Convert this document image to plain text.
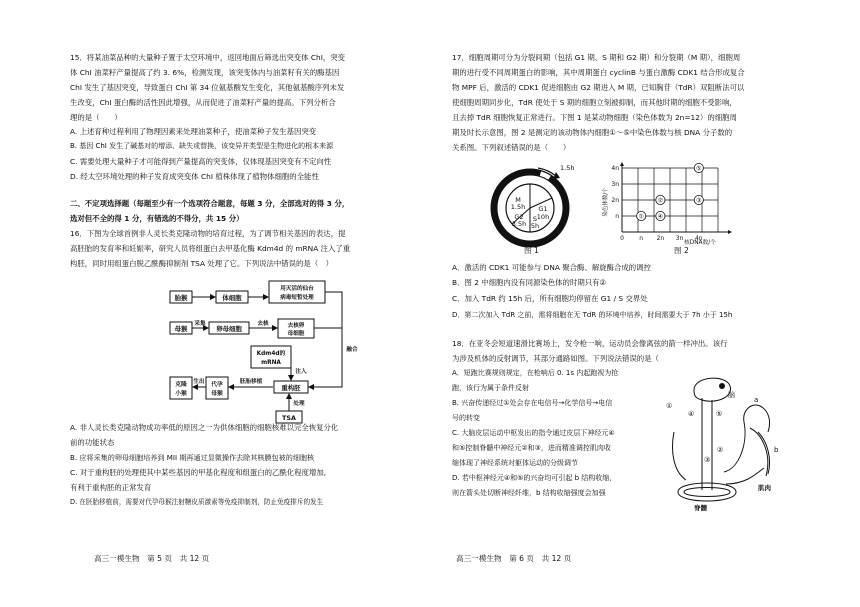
15．将某油菜品种的大量种子置于太空环境中，返回地面后筛选出突变体 ChI，突变

体 ChI 油菜籽产量提高了约 3. 6%，检测发现，该突变体内与油菜籽有关的酶基因

ChI 发生了基因突变，导致蛋白 ChI 第 34 位氨基酸发生变化，其他氨基酸序列未发

生改变，ChI 蛋白酶的活性因此增强，从而促进了油菜籽产量的提高。下列分析合

理的是（　　）

A. 上述育种过程利用了物理因素来处理油菜种子，使油菜种子发生基因突变

B. 基因 ChI 发生了碱基对的增添、缺失或替换，该变异并类型是生物进化的根本来源

C. 需要处理大量种子才可能得到产量提高的突变体，仅体现基因突变有不定向性

D. 经太空环境处理的种子发育成突变体 ChI 植株体现了植物体细胞的全能性

二、不定项选择题（每题至少有一个选项符合题意，每题 3 分，全部选对的得 3 分，

选对但不全的得 1 分，有错选的不得分，共 15 分）

16．下图为全球首例非人灵长类克隆动物的培育过程，为了调节相关基因的表达，提

高胚胎的发育率和妊娠率，研究人员将组蛋白去甲基化酶 Kdm4d 的 mRNA 注入了重

构胚，同时用组蛋白脱乙酰酶抑制剂 TSA 处理了它。下列说法中错误的是（　）

胎猴	体细胞
用灭活的仙台
病毒短暂处理
母猴
采集
卵母细胞
去核	去核卵
母细胞
Kdm4d的
mRNA
注入
融合
克隆
小猴
生出 代孕
母猴
胚胎移植
重构胚
处理
TSA

A. 非人灵长类克隆动物成功率低的原因之一为供体细胞的细胞核难以完全恢复分化

前的功能状态

B. 应将采集的卵母细胞培养到 MII 期再通过显微操作去除其核膜包被的细胞核

C. 对于重构胚的处理使其中某些基因的甲基化程度和组蛋白的乙酰化程度增加,

有利于重构胚的正常发育

D. 在胚胎移植前，需要对代孕母猴注射糖皮质激素等免疫抑制剂，防止免疫排斥的发生

高三一模生物　第 5 页　共 12 页

17．细胞周期可分为分裂间期（包括 G1 期、S 期和 G2 期）和分裂期（M 期），细胞周

期的进行受不同周期蛋白的影响，其中周期蛋白 cyclinB 与蛋白激酶 CDK1 结合形成复合

物 MPF 后，激活的 CDK1 促进细胞由 G2 期进入 M 期，已知胸苷（TdR）双阻断法可以

使细胞周期同步化，TdR 使处于 S 期的细胞立刻被抑制，而其他时期的细胞不受影响，

且去掉 TdR 细胞恢复正常进行。下图 1 是某动物细胞（染色体数为 2n=12）的细胞周

期及时长示意图，图 2 是测定的该动物体内细胞①～⑤中染色体数与核 DNA 分子数的

关系图。下列叙述错误的是（　　）

1.5h
M
1.5h
G2
3.5h
G1
10h
S
5h
图 1
4n
3n
2n
n
0	n 2n 3n 4n
①
②	③
④
⑤
染色体数/个
核DNA数/个
图 2

A．激活的 CDK1 可能参与 DNA 聚合酶、解旋酶合成的调控

B．图 2 中细胞内没有同源染色体的时期只有②

C．加入 TdR 约 15h 后，所有细胞均停留在 G1 / S 交界处

D．第二次加入 TdR 之前，需将细胞在无 TdR 的环境中培养，时间需要大于 7h 小于 15h

18．在亚冬会短道速滑比赛场上，发令枪一响，运动员会像离弦的箭一样冲出。该行

为涉及机体的反射调节，其部分通路如图。下列说法错误的是（

A．短跑比赛规则规定，在枪响后 0. 1s 内起跑视为抢

跑，该行为属于条件反射

B. 兴奋传递经过①处会存在电信号→化学信号→电信

号的转变

C. 大脑皮层运动中枢发出的指令通过皮层下神经元④

和⑤控制脊髓中神经元②和③，进而精准调控肌肉收

缩体现了神经系统对躯体运动的分级调节

D. 若中枢神经元④和⑤的兴奋均可引起 b 结构收缩，

则在箭头处切断神经纤维，b 结构收缩强度会加强

脑
a
b
①
②
③
④	⑤
肌肉
脊髓
高三一模生物　第 6 页　共 12 页
